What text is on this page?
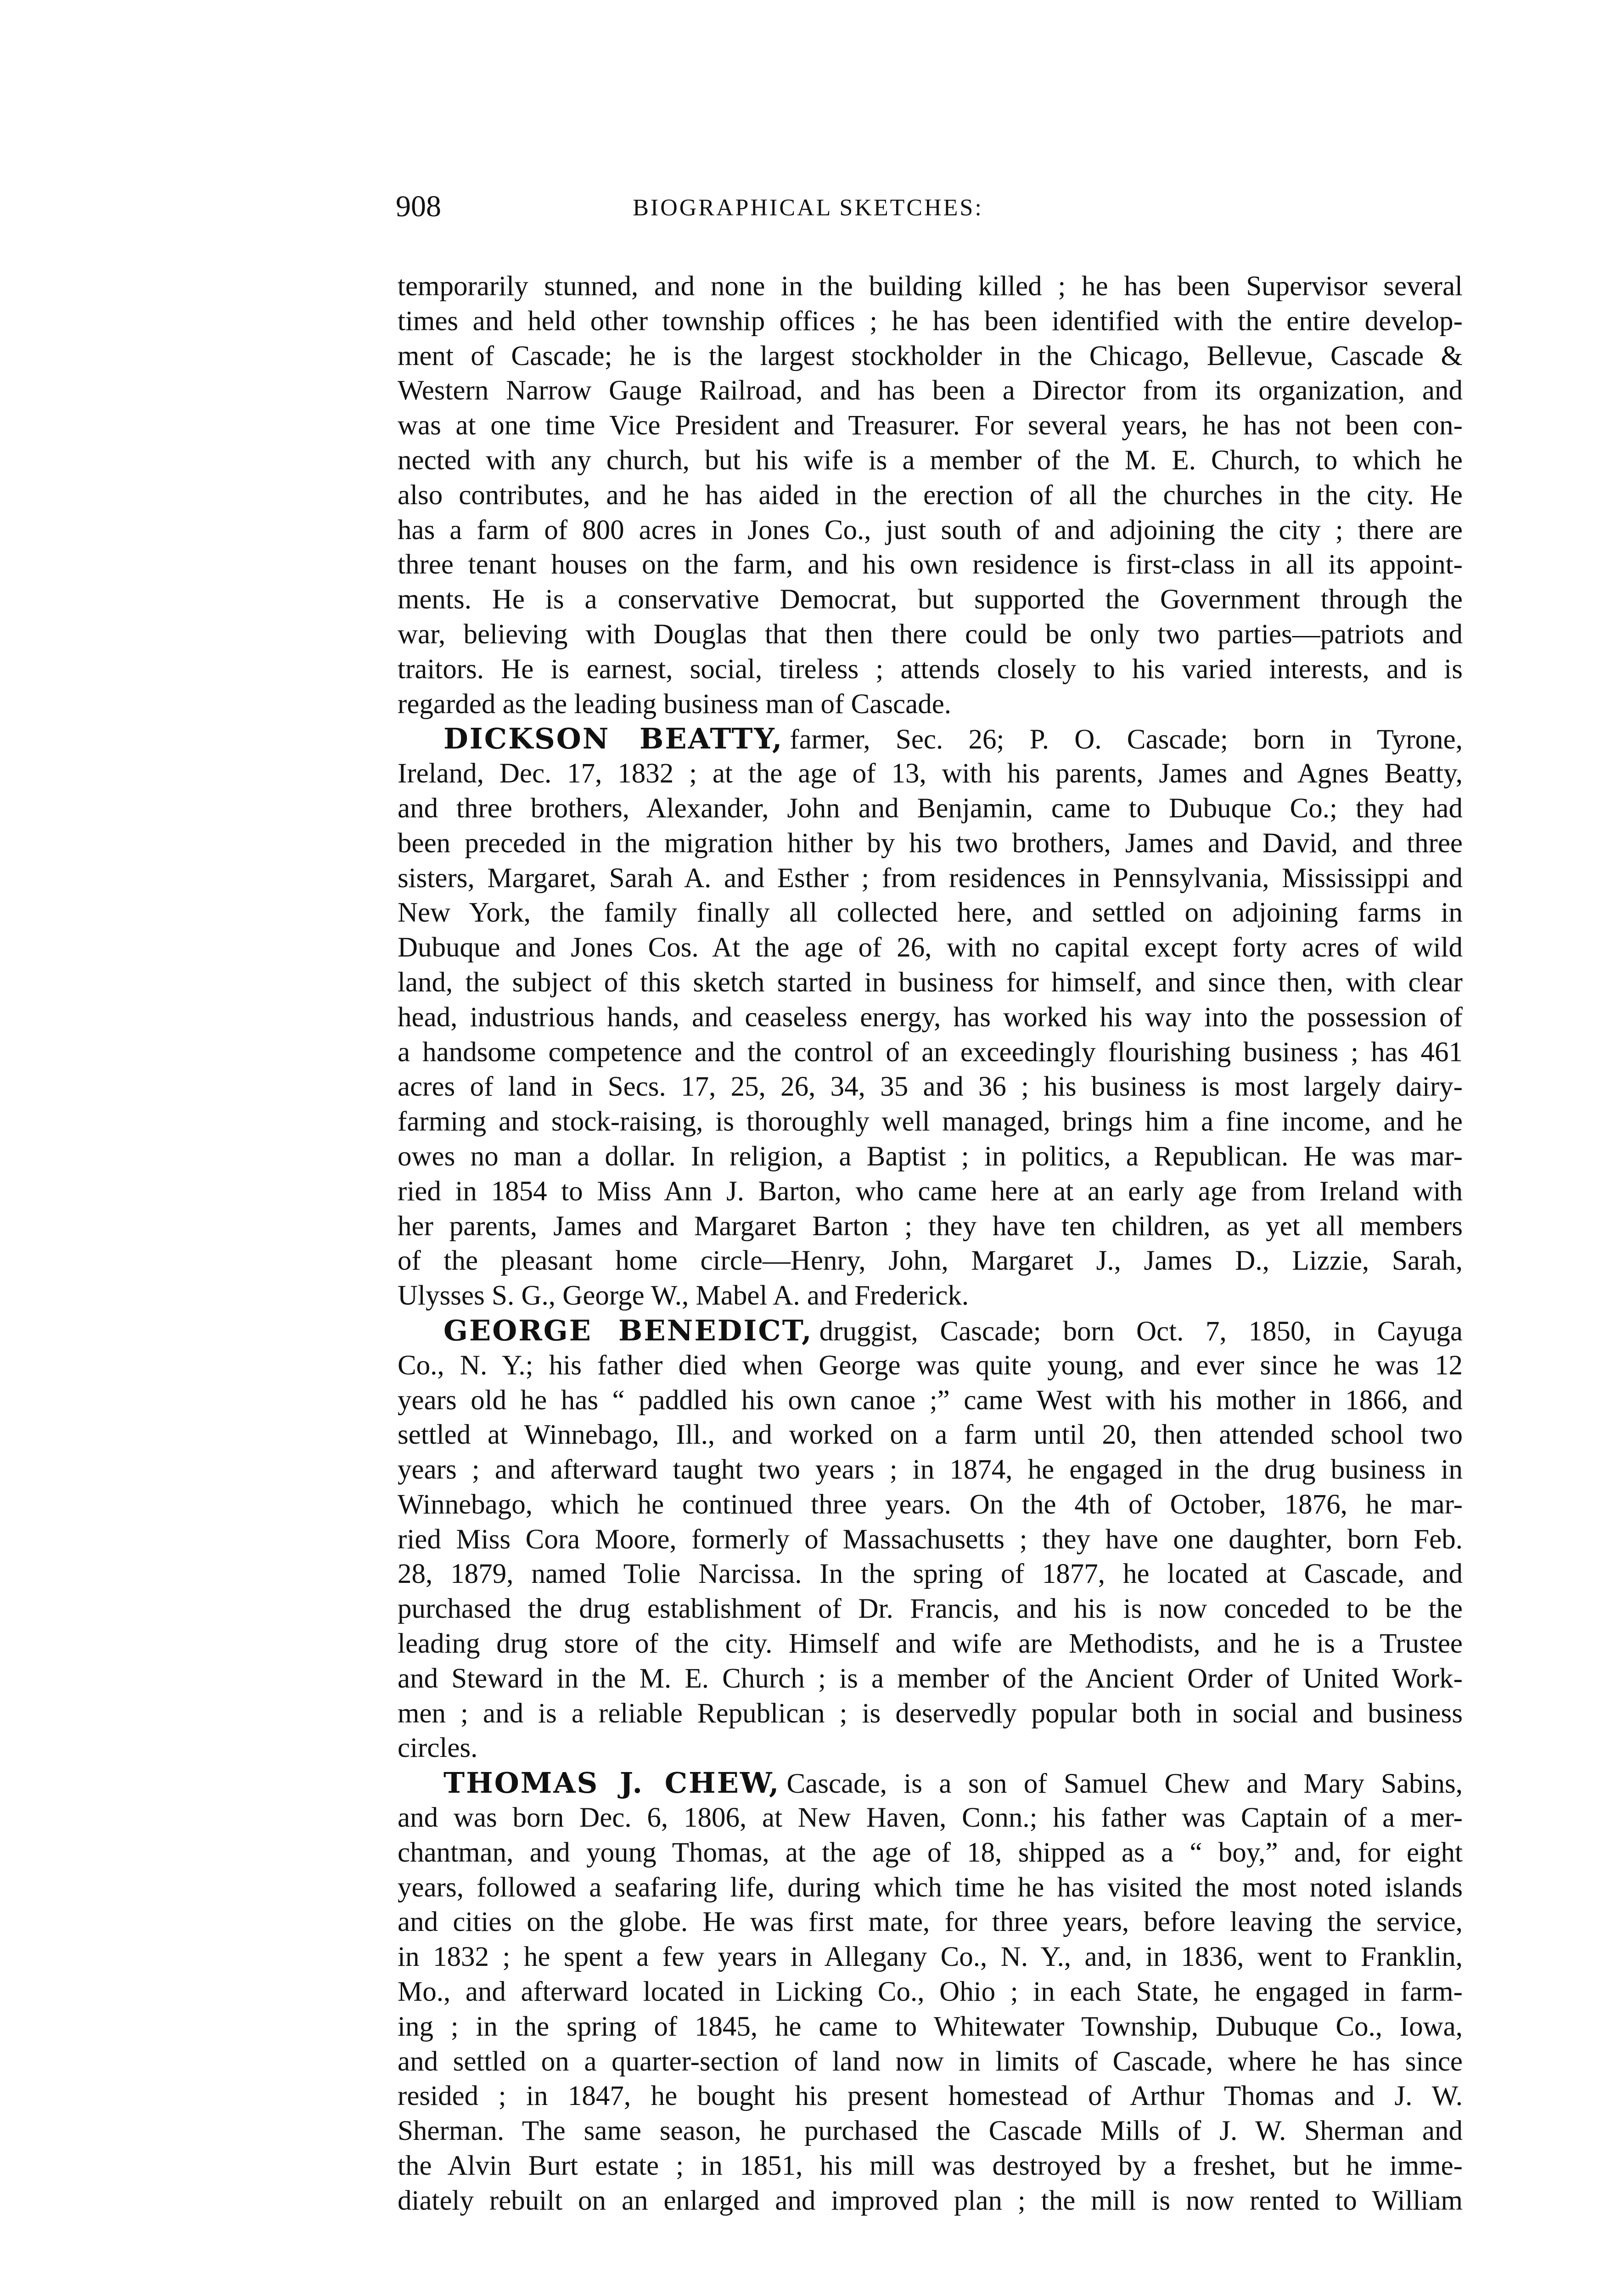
908	BIOGRAPHICAL SKETCHES:
temporarily stunned, and none in the building killed ; he has been Supervisor several
times and held other township offices ; he has been identified with the entire develop-
ment of Cascade; he is the largest stockholder in the Chicago, Bellevue, Cascade &
Western Narrow Gauge Railroad, and has been a Director from its organization, and
was at one time Vice President and Treasurer. For several years, he has not been con-
nected with any church, but his wife is a member of the M. E. Church, to which he
also contributes, and he has aided in the erection of all the churches in the city. He
has a farm of 800 acres in Jones Co., just south of and adjoining the city ; there are
three tenant houses on the farm, and his own residence is first-class in all its appoint-
ments. He is a conservative Democrat, but supported the Government through the
war, believing with Douglas that then there could be only two parties—patriots and
traitors. He is earnest, social, tireless ; attends closely to his varied interests, and is
regarded as the leading business man of Cascade.
DICKSON BEATTY, farmer, Sec. 26; P. O. Cascade; born in Tyrone,
Ireland, Dec. 17, 1832 ; at the age of 13, with his parents, James and Agnes Beatty,
and three brothers, Alexander, John and Benjamin, came to Dubuque Co.; they had
been preceded in the migration hither by his two brothers, James and David, and three
sisters, Margaret, Sarah A. and Esther ; from residences in Pennsylvania, Mississippi and
New York, the family finally all collected here, and settled on adjoining farms in
Dubuque and Jones Cos. At the age of 26, with no capital except forty acres of wild
land, the subject of this sketch started in business for himself, and since then, with clear
head, industrious hands, and ceaseless energy, has worked his way into the possession of
a handsome competence and the control of an exceedingly flourishing business ; has 461
acres of land in Secs. 17, 25, 26, 34, 35 and 36 ; his business is most largely dairy-
farming and stock-raising, is thoroughly well managed, brings him a fine income, and he
owes no man a dollar. In religion, a Baptist ; in politics, a Republican. He was mar-
ried in 1854 to Miss Ann J. Barton, who came here at an early age from Ireland with
her parents, James and Margaret Barton ; they have ten children, as yet all members
of the pleasant home circle—Henry, John, Margaret J., James D., Lizzie, Sarah,
Ulysses S. G., George W., Mabel A. and Frederick.
GEORGE BENEDICT, druggist, Cascade; born Oct. 7, 1850, in Cayuga
Co., N. Y.; his father died when George was quite young, and ever since he was 12
years old he has “ paddled his own canoe ;” came West with his mother in 1866, and
settled at Winnebago, Ill., and worked on a farm until 20, then attended school two
years ; and afterward taught two years ; in 1874, he engaged in the drug business in
Winnebago, which he continued three years. On the 4th of October, 1876, he mar-
ried Miss Cora Moore, formerly of Massachusetts ; they have one daughter, born Feb.
28, 1879, named Tolie Narcissa. In the spring of 1877, he located at Cascade, and
purchased the drug establishment of Dr. Francis, and his is now conceded to be the
leading drug store of the city. Himself and wife are Methodists, and he is a Trustee
and Steward in the M. E. Church ; is a member of the Ancient Order of United Work-
men ; and is a reliable Republican ; is deservedly popular both in social and business
circles.
THOMAS J. CHEW, Cascade, is a son of Samuel Chew and Mary Sabins,
and was born Dec. 6, 1806, at New Haven, Conn.; his father was Captain of a mer-
chantman, and young Thomas, at the age of 18, shipped as a “ boy,” and, for eight
years, followed a seafaring life, during which time he has visited the most noted islands
and cities on the globe. He was first mate, for three years, before leaving the service,
in 1832 ; he spent a few years in Allegany Co., N. Y., and, in 1836, went to Franklin,
Mo., and afterward located in Licking Co., Ohio ; in each State, he engaged in farm-
ing ; in the spring of 1845, he came to Whitewater Township, Dubuque Co., Iowa,
and settled on a quarter-section of land now in limits of Cascade, where he has since
resided ; in 1847, he bought his present homestead of Arthur Thomas and J. W.
Sherman. The same season, he purchased the Cascade Mills of J. W. Sherman and
the Alvin Burt estate ; in 1851, his mill was destroyed by a freshet, but he imme-
diately rebuilt on an enlarged and improved plan ; the mill is now rented to William
